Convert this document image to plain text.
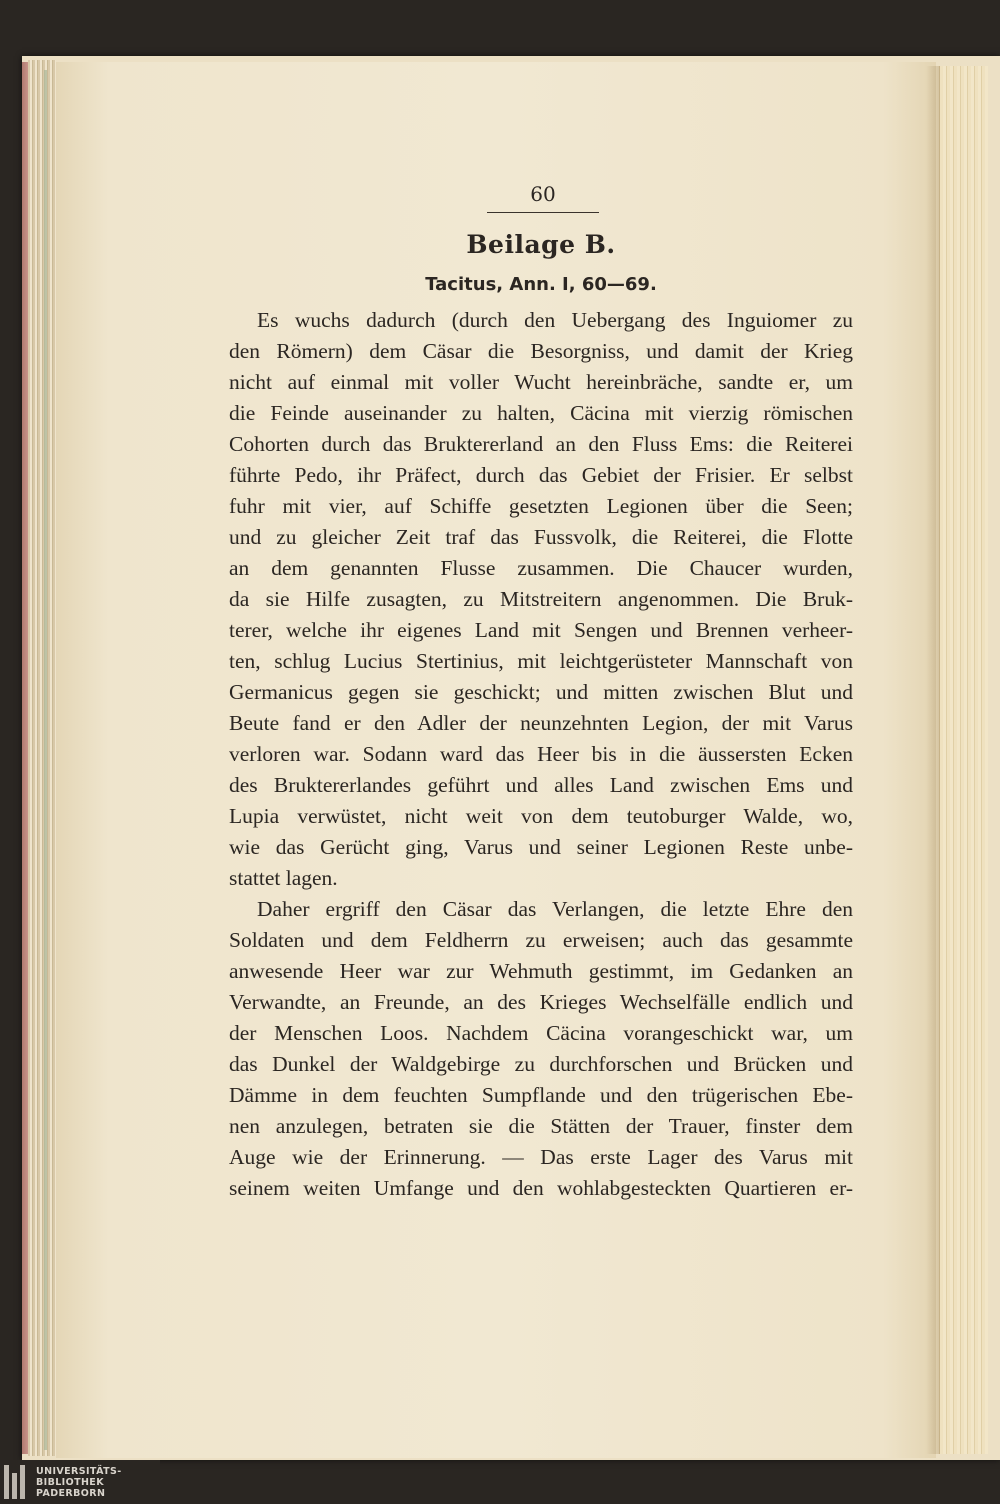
60
Beilage B.
Tacitus, Ann. I, 60—69.

Es wuchs dadurch (durch den Uebergang des Inguiomer zu
den Römern) dem Cäsar die Besorgniss, und damit der Krieg
nicht auf einmal mit voller Wucht hereinbräche, sandte er, um
die Feinde auseinander zu halten, Cäcina mit vierzig römischen
Cohorten durch das Bruktererland an den Fluss Ems: die Reiterei
führte Pedo, ihr Präfect, durch das Gebiet der Frisier. Er selbst
fuhr mit vier, auf Schiffe gesetzten Legionen über die Seen;
und zu gleicher Zeit traf das Fussvolk, die Reiterei, die Flotte
an dem genannten Flusse zusammen. Die Chaucer wurden,
da sie Hilfe zusagten, zu Mitstreitern angenommen. Die Bruk-
terer, welche ihr eigenes Land mit Sengen und Brennen verheer-
ten, schlug Lucius Stertinius, mit leichtgerüsteter Mannschaft von
Germanicus gegen sie geschickt; und mitten zwischen Blut und
Beute fand er den Adler der neunzehnten Legion, der mit Varus
verloren war. Sodann ward das Heer bis in die äussersten Ecken
des Bruktererlandes geführt und alles Land zwischen Ems und
Lupia verwüstet, nicht weit von dem teutoburger Walde, wo,
wie das Gerücht ging, Varus und seiner Legionen Reste unbe-
stattet lagen.

Daher ergriff den Cäsar das Verlangen, die letzte Ehre den
Soldaten und dem Feldherrn zu erweisen; auch das gesammte
anwesende Heer war zur Wehmuth gestimmt, im Gedanken an
Verwandte, an Freunde, an des Krieges Wechselfälle endlich und
der Menschen Loos. Nachdem Cäcina vorangeschickt war, um
das Dunkel der Waldgebirge zu durchforschen und Brücken und
Dämme in dem feuchten Sumpflande und den trügerischen Ebe-
nen anzulegen, betraten sie die Stätten der Trauer, finster dem
Auge wie der Erinnerung. — Das erste Lager des Varus mit
seinem weiten Umfange und den wohlabgesteckten Quartieren er-

UNIVERSITÄTS-
BIBLIOTHEK
PADERBORN
